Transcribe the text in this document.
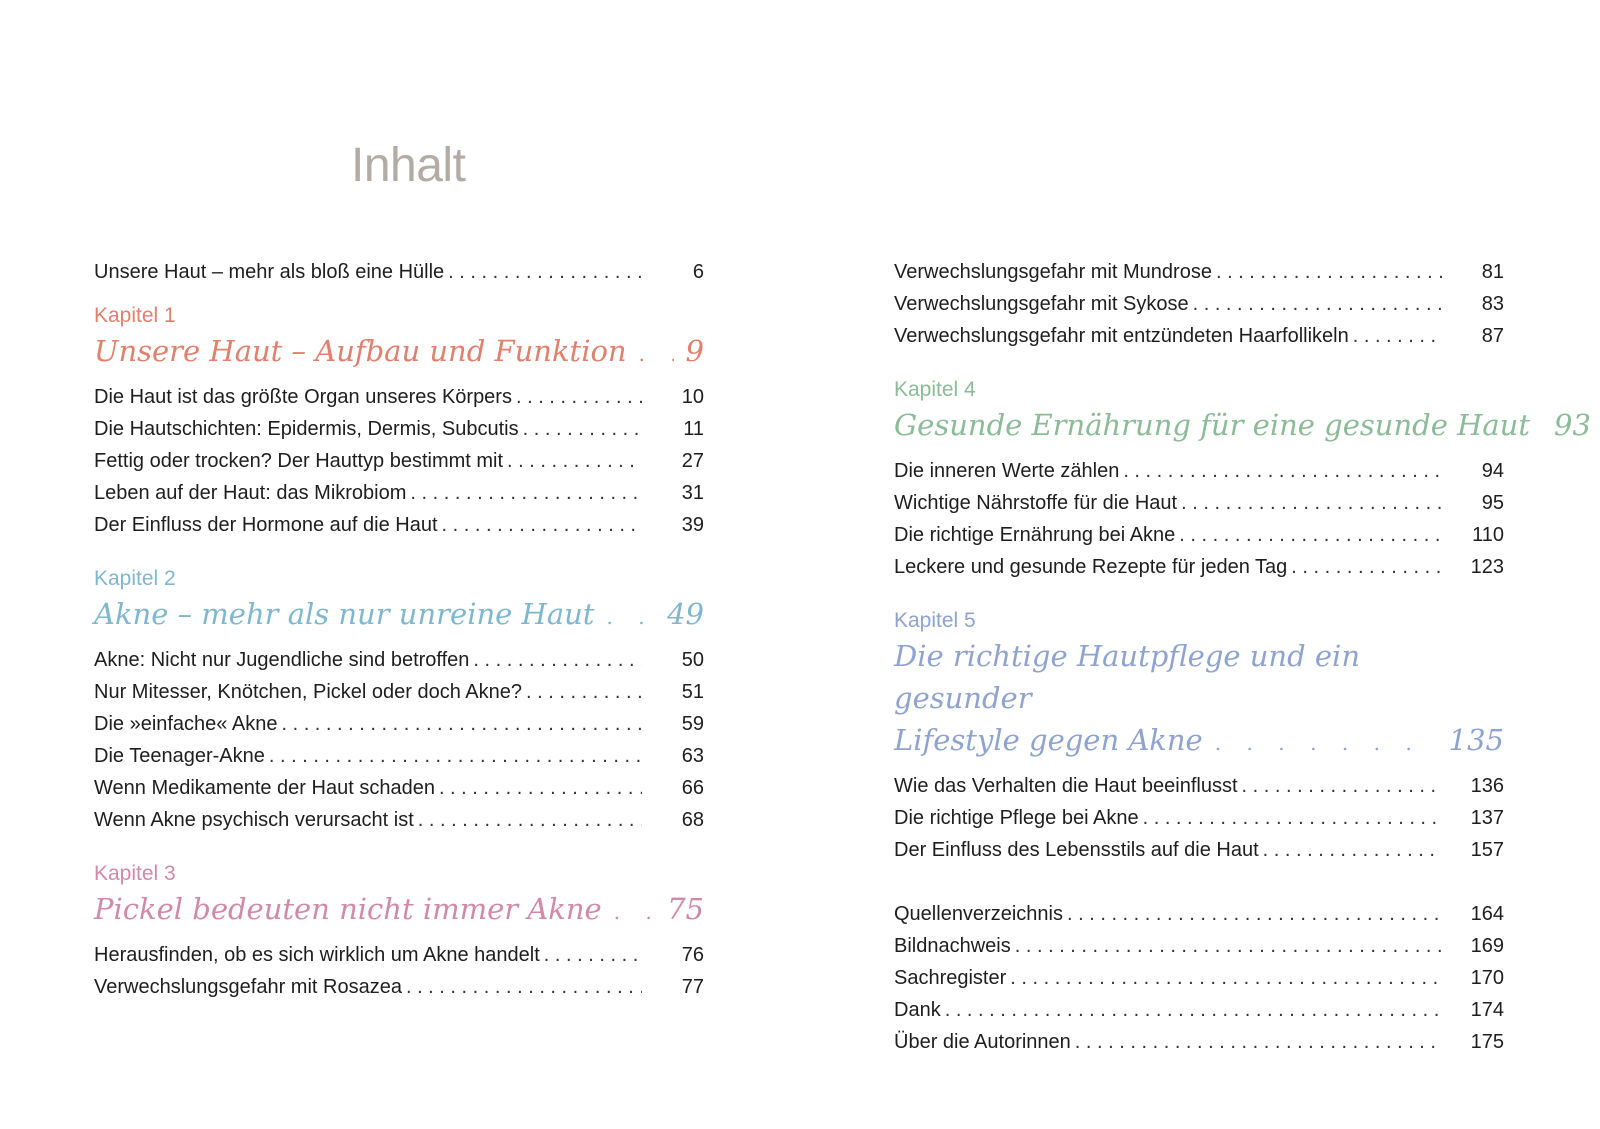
Inhalt
Unsere Haut – mehr als bloß eine Hülle . . .	6
Kapitel 1
Unsere Haut – Aufbau und Funktion . 9
Die Haut ist das größte Organ unseres Körpers . . .	10
Die Hautschichten: Epidermis, Dermis, Subcutis . . .	11
Fettig oder trocken? Der Hauttyp bestimmt mit . . .	27
Leben auf der Haut: das Mikrobiom . . .	31
Der Einfluss der Hormone auf die Haut . . .	39
Kapitel 2
Akne – mehr als nur unreine Haut .	49
Akne: Nicht nur Jugendliche sind betroffen . . .	50
Nur Mitesser, Knötchen, Pickel oder doch Akne? . . .	51
Die »einfache« Akne . . .	59
Die Teenager-Akne . . .	63
Wenn Medikamente der Haut schaden . . .	66
Wenn Akne psychisch verursacht ist . . .	68
Kapitel 3
Pickel bedeuten nicht immer Akne . 75
Herausfinden, ob es sich wirklich um Akne handelt . . .	76
Verwechslungsgefahr mit Rosazea . . .	77
Verwechslungsgefahr mit Mundrose . . .	81
Verwechslungsgefahr mit Sykose . . .	83
Verwechslungsgefahr mit entzündeten Haarfollikeln . . .	87
Kapitel 4
Gesunde Ernährung für eine gesunde Haut 93
Die inneren Werte zählen . . .	94
Wichtige Nährstoffe für die Haut . . .	95
Die richtige Ernährung bei Akne . . .	110
Leckere und gesunde Rezepte für jeden Tag . . .	123
Kapitel 5
Die richtige Hautpflege und ein gesunder
Lifestyle gegen Akne .	135
Wie das Verhalten die Haut beeinflusst . . .	136
Die richtige Pflege bei Akne . . .	137
Der Einfluss des Lebensstils auf die Haut . . .	157
Quellenverzeichnis . . .	164
Bildnachweis . . .	169
Sachregister . . .	170
Dank . . .	174
Über die Autorinnen . . .	175
